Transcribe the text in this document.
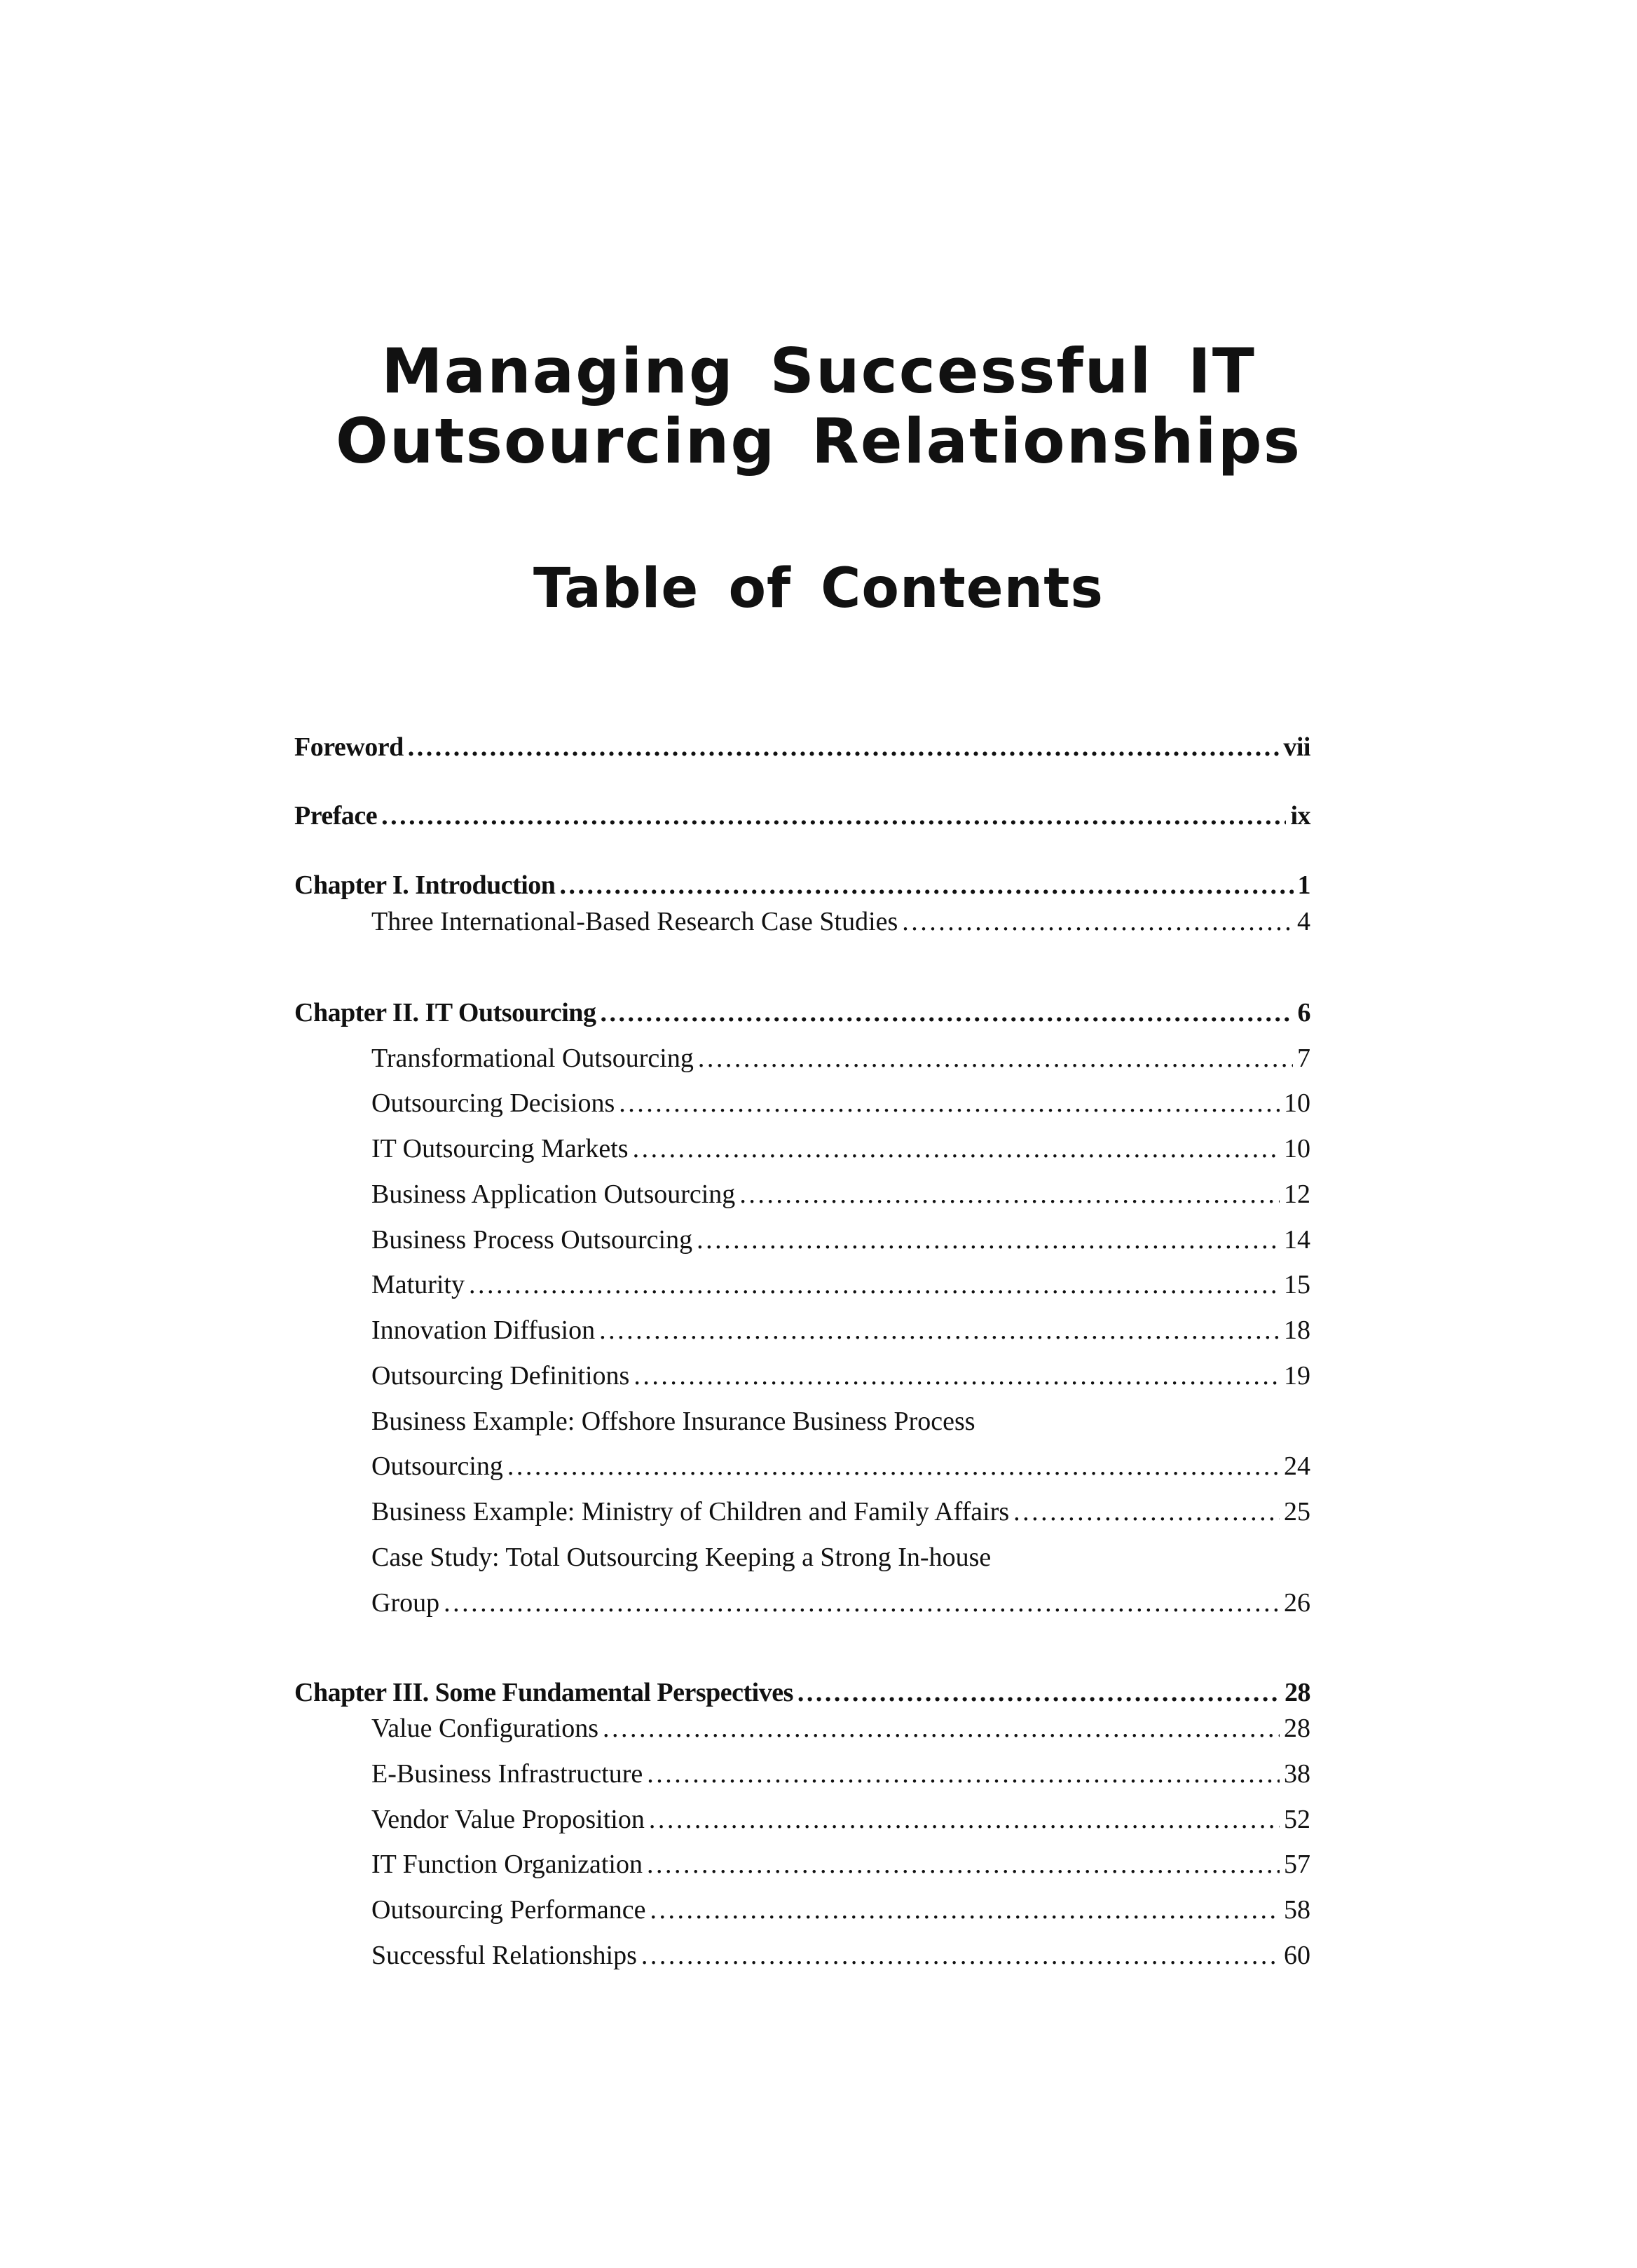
Managing Successful IT
Outsourcing Relationships
Table of Contents
Foreword . . .	vii
Preface . . .	ix
Chapter I. Introduction . . .	1
Three International-Based Research Case Studies . . .	4
Chapter II. IT Outsourcing . . .	6
Transformational Outsourcing . . .	7
Outsourcing Decisions . . .	10
IT Outsourcing Markets . . .	10
Business Application Outsourcing . . .	12
Business Process Outsourcing . . .	14
Maturity . . .	15
Innovation Diffusion . . .	18
Outsourcing Definitions . . .	19
Business Example: Offshore Insurance Business Process
Outsourcing . . .	24
Business Example: Ministry of Children and Family Affairs . . .	25
Case Study: Total Outsourcing Keeping a Strong In-house
Group . . .	26
Chapter III. Some Fundamental Perspectives . . .	28
Value Configurations . . .	28
E-Business Infrastructure . . .	38
Vendor Value Proposition . . .	52
IT Function Organization . . .	57
Outsourcing Performance . . .	58
Successful Relationships . . .	60
